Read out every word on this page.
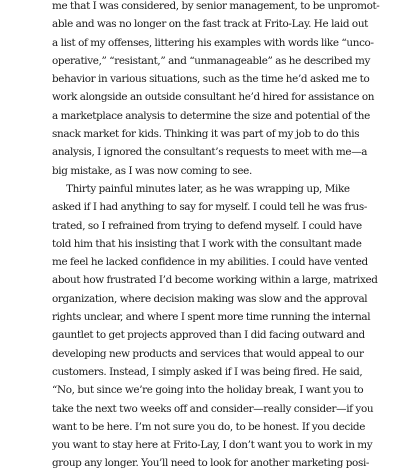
me that I was considered, by senior management, to be unpromot-
able and was no longer on the fast track at Frito-Lay. He laid out
a list of my offenses, littering his examples with words like “unco-
operative,” “resistant,” and “unmanageable” as he described my
behavior in various situations, such as the time he’d asked me to
work alongside an outside consultant he’d hired for assistance on
a marketplace analysis to determine the size and potential of the
snack market for kids. Thinking it was part of my job to do this
analysis, I ignored the consultant’s requests to meet with me—a
big mistake, as I was now coming to see.
Thirty painful minutes later, as he was wrapping up, Mike
asked if I had anything to say for myself. I could tell he was frus-
trated, so I refrained from trying to defend myself. I could have
told him that his insisting that I work with the consultant made
me feel he lacked confidence in my abilities. I could have vented
about how frustrated I’d become working within a large, matrixed
organization, where decision making was slow and the approval
rights unclear, and where I spent more time running the internal
gauntlet to get projects approved than I did facing outward and
developing new products and services that would appeal to our
customers. Instead, I simply asked if I was being fired. He said,
“No, but since we’re going into the holiday break, I want you to
take the next two weeks off and consider—really consider—if you
want to be here. I’m not sure you do, to be honest. If you decide
you want to stay here at Frito-Lay, I don’t want you to work in my
group any longer. You’ll need to look for another marketing posi-
